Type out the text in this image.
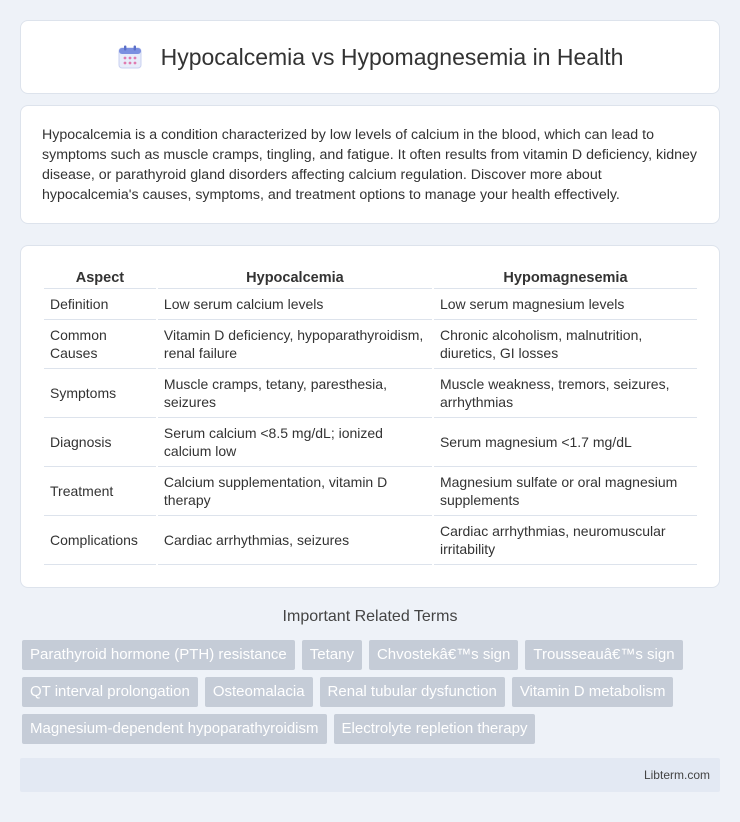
Hypocalcemia vs Hypomagnesemia in Health

Hypocalcemia is a condition characterized by low levels of calcium in the blood, which can lead to symptoms such as muscle cramps, tingling, and fatigue. It often results from vitamin D deficiency, kidney disease, or parathyroid gland disorders affecting calcium regulation. Discover more about hypocalcemia's causes, symptoms, and treatment options to manage your health effectively.

Aspect	Hypocalcemia	Hypomagnesemia
Definition	Low serum calcium levels	Low serum magnesium levels
Common Causes	Vitamin D deficiency, hypoparathyroidism, renal failure	Chronic alcoholism, malnutrition, diuretics, GI losses
Symptoms	Muscle cramps, tetany, paresthesia, seizures	Muscle weakness, tremors, seizures, arrhythmias
Diagnosis	Serum calcium <8.5 mg/dL; ionized calcium low	Serum magnesium <1.7 mg/dL
Treatment	Calcium supplementation, vitamin D therapy	Magnesium sulfate or oral magnesium supplements
Complications	Cardiac arrhythmias, seizures	Cardiac arrhythmias, neuromuscular irritability
Important Related Terms
Parathyroid hormone (PTH) resistance	Tetany	Chvostekâ€™s sign	Trousseauâ€™s sign
QT interval prolongation	Osteomalacia	Renal tubular dysfunction	Vitamin D metabolism
Magnesium-dependent hypoparathyroidism	Electrolyte repletion therapy
Libterm.com
